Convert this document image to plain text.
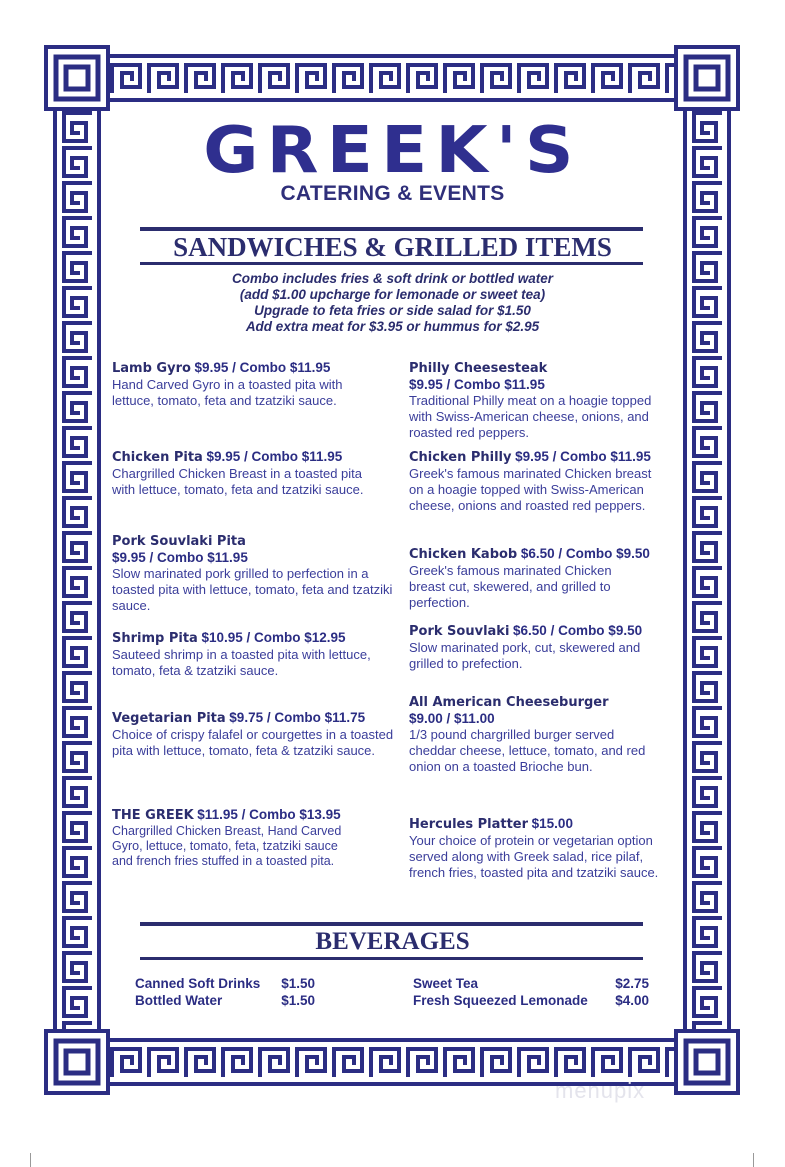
GREEK'S
CATERING & EVENTS
SANDWICHES & GRILLED ITEMS
Combo includes fries & soft drink or bottled water
(add $1.00 upcharge for lemonade or sweet tea)
Upgrade to feta fries or side salad for $1.50
Add extra meat for $3.95 or hummus for $2.95
Lamb Gyro $9.95 / Combo $11.95
Hand Carved Gyro in a toasted pita with lettuce, tomato, feta and tzatziki sauce.
Chicken Pita $9.95 / Combo $11.95
Chargrilled Chicken Breast in a toasted pita with lettuce, tomato, feta and tzatziki sauce.
Pork Souvlaki Pita
$9.95 / Combo $11.95
Slow marinated pork grilled to perfection in a toasted pita with lettuce, tomato, feta and tzatziki sauce.
Shrimp Pita $10.95 / Combo $12.95
Sauteed shrimp in a toasted pita with lettuce, tomato, feta & tzatziki sauce.
Vegetarian Pita $9.75 / Combo $11.75
Choice of crispy falafel or courgettes in a toasted pita with lettuce, tomato, feta & tzatziki sauce.
THE GREEK $11.95 / Combo $13.95
Chargrilled Chicken Breast, Hand Carved Gyro, lettuce, tomato, feta, tzatziki sauce and french fries stuffed in a toasted pita.
Philly Cheesesteak
$9.95 / Combo $11.95
Traditional Philly meat on a hoagie topped with Swiss-American cheese, onions, and roasted red peppers.
Chicken Philly $9.95 / Combo $11.95
Greek's famous marinated Chicken breast on a hoagie topped with Swiss-American cheese, onions and roasted red peppers.
Chicken Kabob $6.50 / Combo $9.50
Greek's famous marinated Chicken breast cut, skewered, and grilled to perfection.
Pork Souvlaki $6.50 / Combo $9.50
Slow marinated pork, cut, skewered and grilled to prefection.
All American Cheeseburger
$9.00 / $11.00
1/3 pound chargrilled burger served cheddar cheese, lettuce, tomato, and red onion on a toasted Brioche bun.
Hercules Platter $15.00
Your choice of protein or vegetarian option served along with Greek salad, rice pilaf, french fries, toasted pita and tzatziki sauce.
BEVERAGES
Canned Soft Drinks $1.50
Bottled Water	$1.50
Sweet Tea	$2.75
Fresh Squeezed Lemonade $4.00
menupix
